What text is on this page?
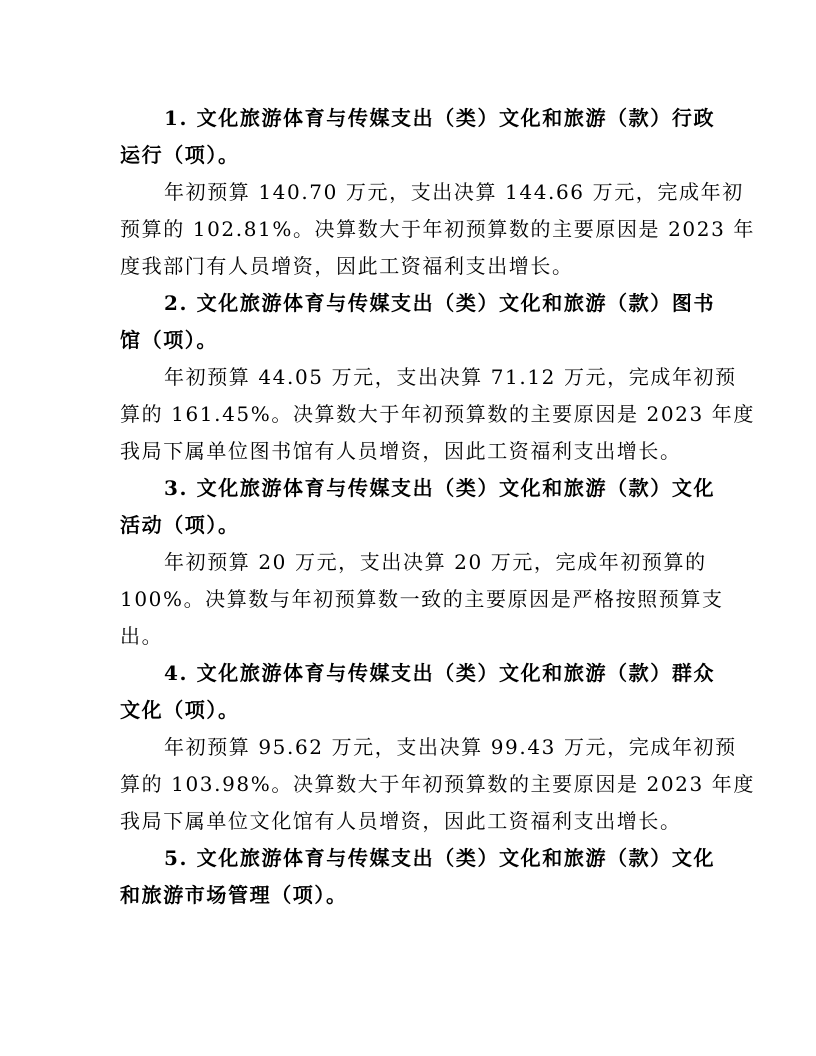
1. 文化旅游体育与传媒支出（类）文化和旅游（款）行政
运行（项）。
年初预算 140.70 万元，支出决算 144.66 万元，完成年初
预算的 102.81%。决算数大于年初预算数的主要原因是 2023 年
度我部门有人员增资，因此工资福利支出增长。
2. 文化旅游体育与传媒支出（类）文化和旅游（款）图书
馆（项）。
年初预算 44.05 万元，支出决算 71.12 万元，完成年初预
算的 161.45%。决算数大于年初预算数的主要原因是 2023 年度
我局下属单位图书馆有人员增资，因此工资福利支出增长。
3. 文化旅游体育与传媒支出（类）文化和旅游（款）文化
活动（项）。
年初预算 20 万元，支出决算 20 万元，完成年初预算的
100%。决算数与年初预算数一致的主要原因是严格按照预算支
出。
4. 文化旅游体育与传媒支出（类）文化和旅游（款）群众
文化（项）。
年初预算 95.62 万元，支出决算 99.43 万元，完成年初预
算的 103.98%。决算数大于年初预算数的主要原因是 2023 年度
我局下属单位文化馆有人员增资，因此工资福利支出增长。
5. 文化旅游体育与传媒支出（类）文化和旅游（款）文化
和旅游市场管理（项）。
